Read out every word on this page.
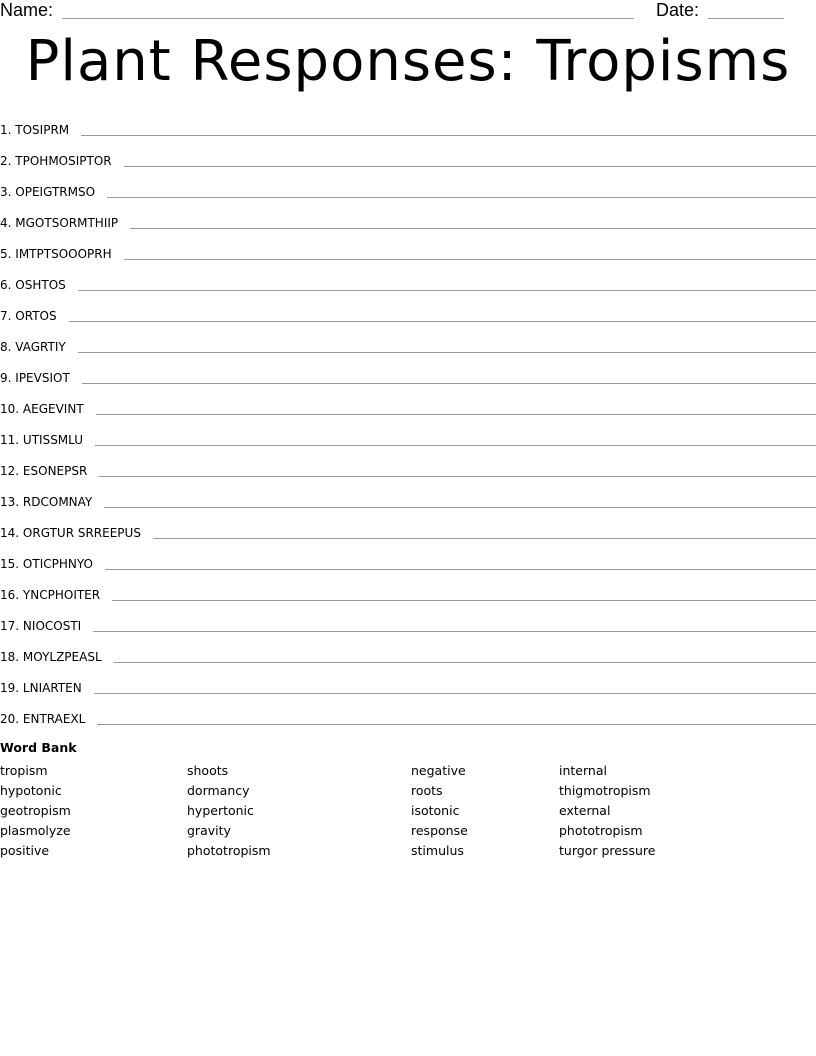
Name:	Date:
Plant Responses: Tropisms
1. TOSIPRM
2. TPOHMOSIPTOR
3. OPEIGTRMSO
4. MGOTSORMTHIIP
5. IMTPTSOOOPRH
6. OSHTOS
7. ORTOS
8. VAGRTIY
9. IPEVSIOT
10. AEGEVINT
11. UTISSMLU
12. ESONEPSR
13. RDCOMNAY
14. ORGTUR SRREEPUS
15. OTICPHNYO
16. YNCPHOITER
17. NIOCOSTI
18. MOYLZPEASL
19. LNIARTEN
20. ENTRAEXL
Word Bank
tropism
hypotonic
geotropism
plasmolyze
positive
shoots
dormancy
hypertonic
gravity
phototropism
negative
roots
isotonic
response
stimulus
internal
thigmotropism
external
phototropism
turgor pressure
